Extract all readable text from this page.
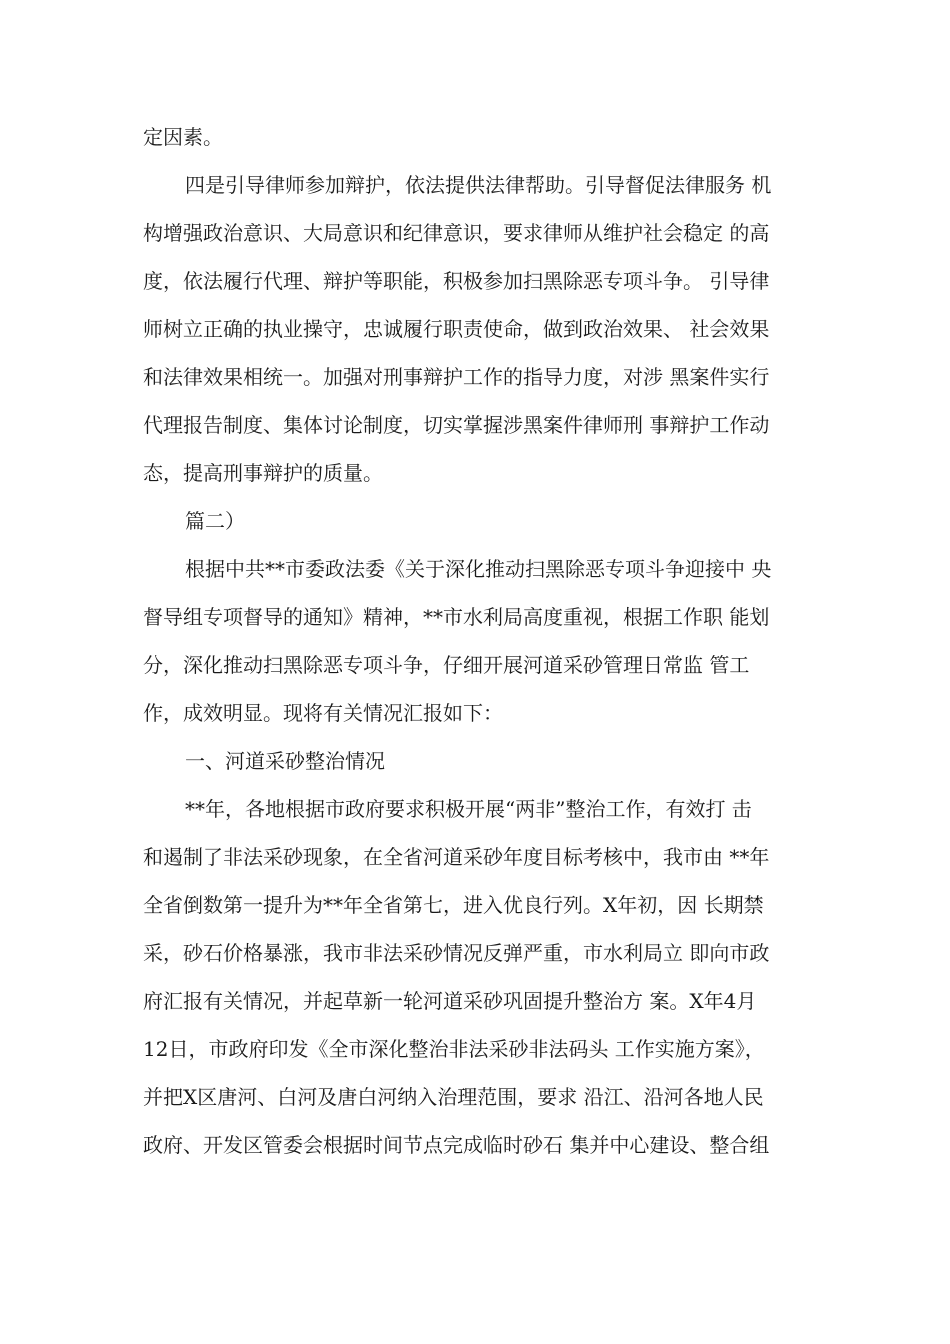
定因素。
四是引导律师参加辩护，依法提供法律帮助。引导督促法律服务 机
构增强政治意识、大局意识和纪律意识，要求律师从维护社会稳定 的高
度，依法履行代理、辩护等职能，积极参加扫黑除恶专项斗争。 引导律
师树立正确的执业操守，忠诚履行职责使命，做到政治效果、 社会效果
和法律效果相统一。加强对刑事辩护工作的指导力度，对涉 黑案件实行
代理报告制度、集体讨论制度，切实掌握涉黑案件律师刑 事辩护工作动
态，提高刑事辩护的质量。
篇二）
根据中共**市委政法委《关于深化推动扫黑除恶专项斗争迎接中 央
督导组专项督导的通知》精神，**市水利局高度重视，根据工作职 能划
分，深化推动扫黑除恶专项斗争，仔细开展河道采砂管理日常监 管工
作，成效明显。现将有关情况汇报如下：
一、河道采砂整治情况
**年，各地根据市政府要求积极开展“两非”整治工作，有效打 击
和遏制了非法采砂现象，在全省河道采砂年度目标考核中，我市由 **年
全省倒数第一提升为**年全省第七，进入优良行列。X年初，因 长期禁
采，砂石价格暴涨，我市非法采砂情况反弹严重，市水利局立 即向市政
府汇报有关情况，并起草新一轮河道采砂巩固提升整治方 案。X年4月
12日，市政府印发《全市深化整治非法采砂非法码头 工作实施方案》，
并把X区唐河、白河及唐白河纳入治理范围，要求 沿江、沿河各地人民
政府、开发区管委会根据时间节点完成临时砂石 集并中心建设、整合组
